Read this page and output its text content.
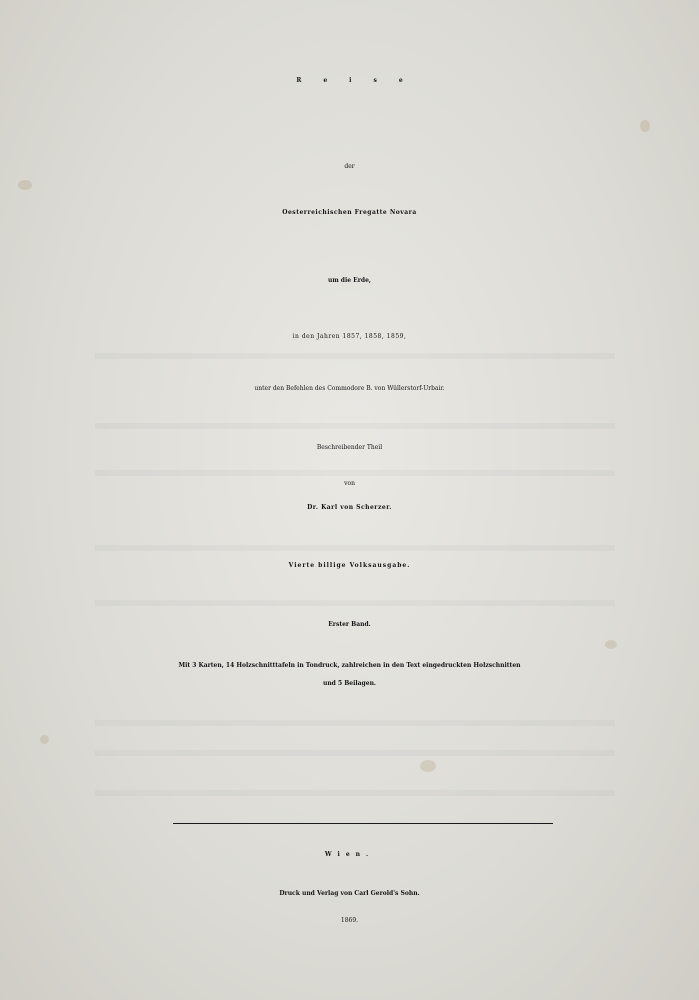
Reise
der
Oesterreichischen Fregatte Novara
um die Erde,
in den Jahren 1857, 1858, 1859,
unter den Befehlen des Commodore B. von Wüllerstorf-Urbair.
Beschreibender Theil
von
Dr. Karl von Scherzer.
Vierte billige Volksausgabe.
Erster Band.
Mit 3 Karten, 14 Holzschnitttafeln in Tondruck, zahlreichen in den Text eingedruckten Holzschnitten
und 5 Beilagen.
Wien.
Druck und Verlag von Carl Gerold's Sohn.
1869.
